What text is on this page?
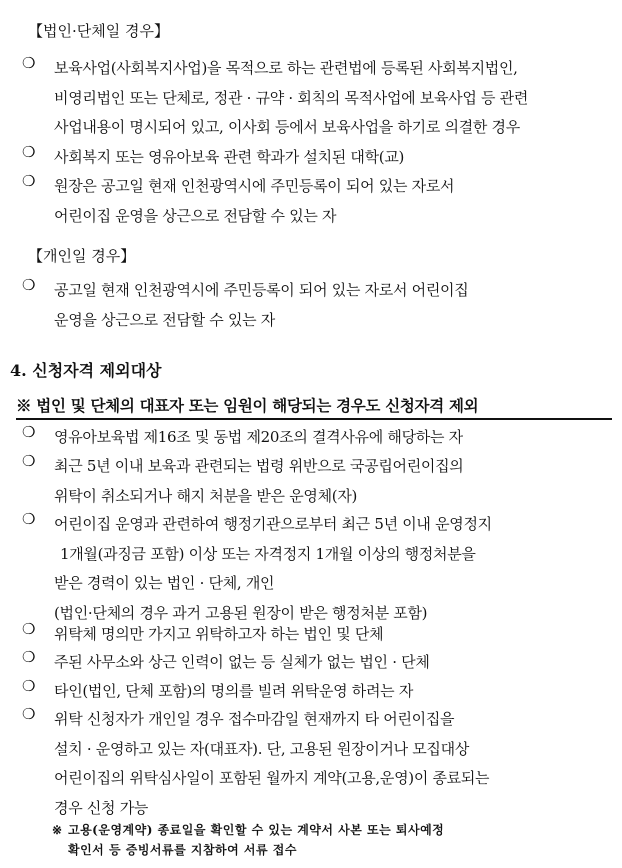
【법인·단체일 경우】
❍ 보육사업(사회복지사업)을 목적으로 하는 관련법에 등록된 사회복지법인,
비영리법인 또는 단체로, 정관 · 규약 · 회칙의 목적사업에 보육사업 등 관련
사업내용이 명시되어 있고, 이사회 등에서 보육사업을 하기로 의결한 경우
❍ 사회복지 또는 영유아보육 관련 학과가 설치된 대학(교)
❍ 원장은 공고일 현재 인천광역시에 주민등록이 되어 있는 자로서
어린이집 운영을 상근으로 전담할 수 있는 자
【개인일 경우】
❍ 공고일 현재 인천광역시에 주민등록이 되어 있는 자로서 어린이집
운영을 상근으로 전담할 수 있는 자
4. 신청자격 제외대상
※ 법인 및 단체의 대표자 또는 임원이 해당되는 경우도 신청자격 제외
❍ 영유아보육법 제16조 및 동법 제20조의 결격사유에 해당하는 자
❍ 최근 5년 이내 보육과 관련되는 법령 위반으로 국공립어린이집의
위탁이 취소되거나 해지 처분을 받은 운영체(자)
❍ 어린이집 운영과 관련하여 행정기관으로부터 최근 5년 이내 운영정지
1개월(과징금 포함) 이상 또는 자격정지 1개월 이상의 행정처분을
받은 경력이 있는 법인 · 단체, 개인
(법인·단체의 경우 과거 고용된 원장이 받은 행정처분 포함)
❍ 위탁체 명의만 가지고 위탁하고자 하는 법인 및 단체
❍ 주된 사무소와 상근 인력이 없는 등 실체가 없는 법인 · 단체
❍ 타인(법인, 단체 포함)의 명의를 빌려 위탁운영 하려는 자
❍ 위탁 신청자가 개인일 경우 접수마감일 현재까지 타 어린이집을
설치 · 운영하고 있는 자(대표자). 단, 고용된 원장이거나 모집대상
어린이집의 위탁심사일이 포함된 월까지 계약(고용,운영)이 종료되는
경우 신청 가능
※ 고용(운영계약) 종료일을 확인할 수 있는 계약서 사본 또는 퇴사예정
확인서 등 증빙서류를 지참하여 서류 접수
